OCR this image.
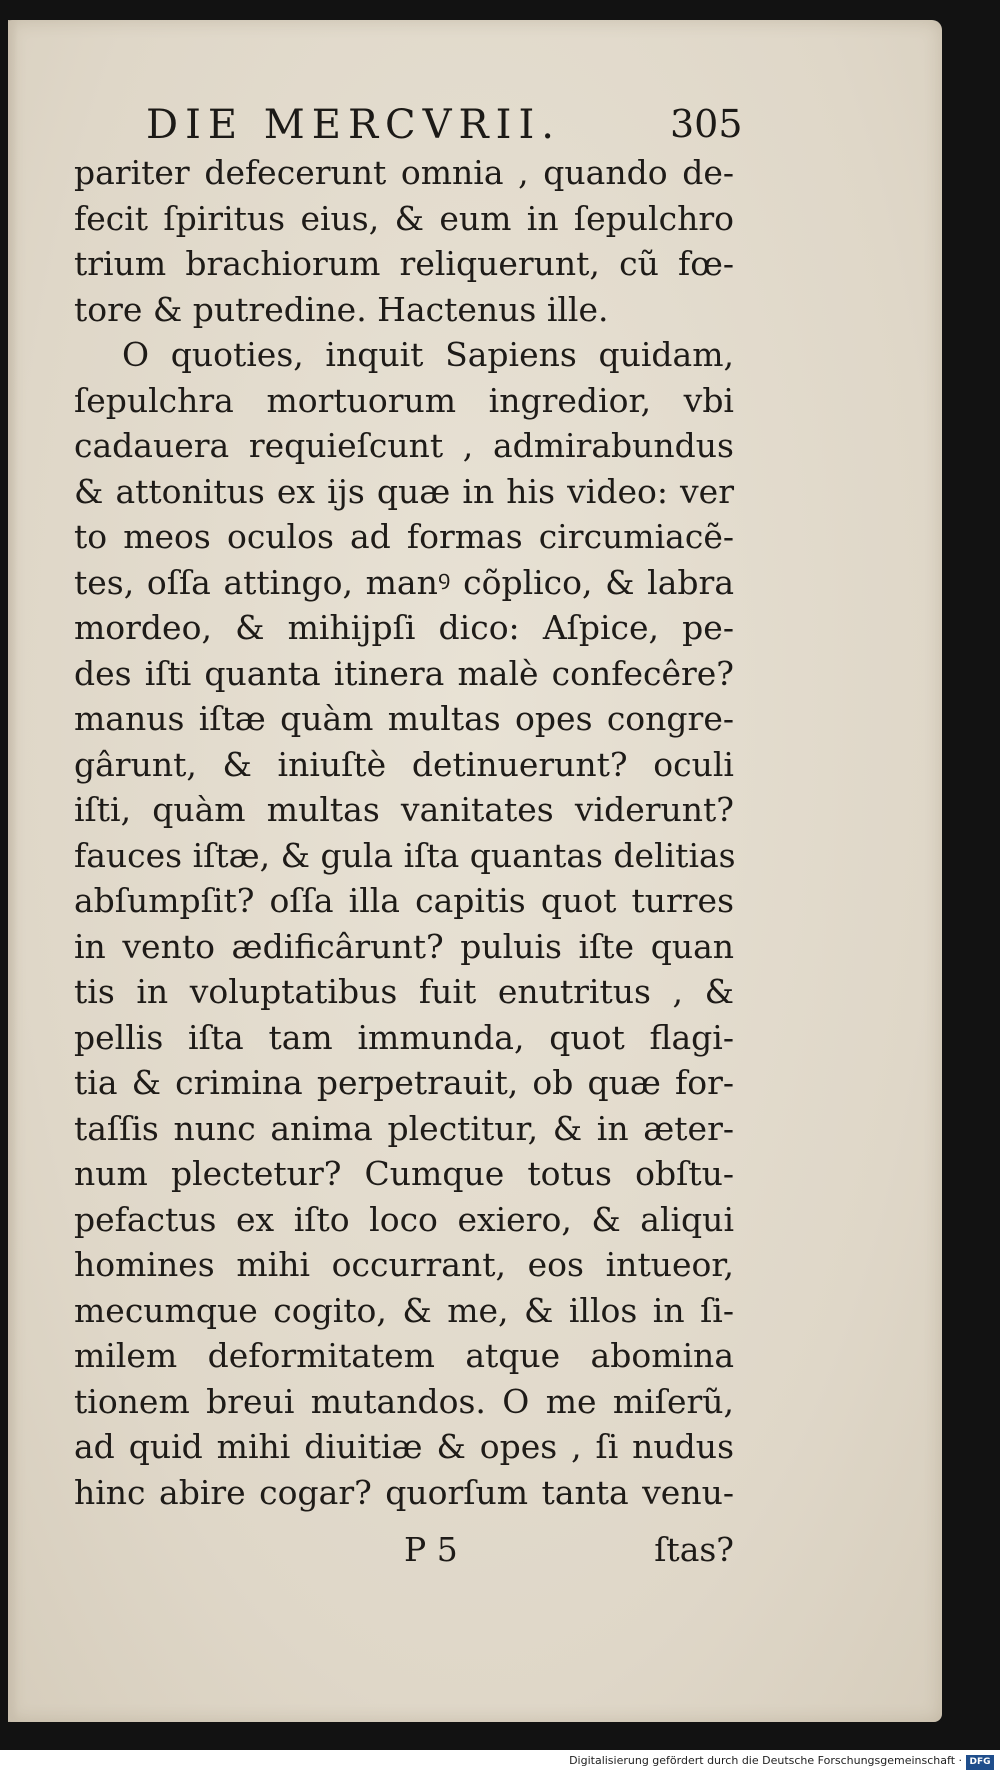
DIE MERCVRII.	305
pariter defecerunt omnia , quando de-
fecit ſpiritus eius, & eum in ſepulchro
trium brachiorum reliquerunt, cũ fœ-
tore & putredine. Hactenus ille.
O quoties, inquit Sapiens quidam,
ſepulchra mortuorum ingredior, vbi
cadauera requieſcunt , admirabundus
& attonitus ex ijs quæ in his video: ver
to meos oculos ad formas circumiacẽ-
tes, oſſa attingo, manꝰ cõplico, & labra
mordeo, & mihijpſi dico: Aſpice, pe-
des iſti quanta itinera malè confecêre?
manus iſtæ quàm multas opes congre-
gârunt, & iniuſtè detinuerunt? oculi
iſti, quàm multas vanitates viderunt?
fauces iſtæ, & gula iſta quantas delitias
abſumpſit? oſſa illa capitis quot turres
in vento ædificârunt? puluis iſte quan
tis in voluptatibus fuit enutritus , &
pellis iſta tam immunda, quot flagi-
tia & crimina perpetrauit, ob quæ for-
taſſis nunc anima plectitur, & in æter-
num plectetur? Cumque totus obſtu-
pefactus ex iſto loco exiero, & aliqui
homines mihi occurrant, eos intueor,
mecumque cogito, & me, & illos in ſi-
milem deformitatem atque abomina
tionem breui mutandos. O me miſerũ,
ad quid mihi diuitiæ & opes , ſi nudus
hinc abire cogar? quorſum tanta venu-
P 5	ſtas?
Digitalisierung gefördert durch die Deutsche Forschungsgemeinschaft · DFG
